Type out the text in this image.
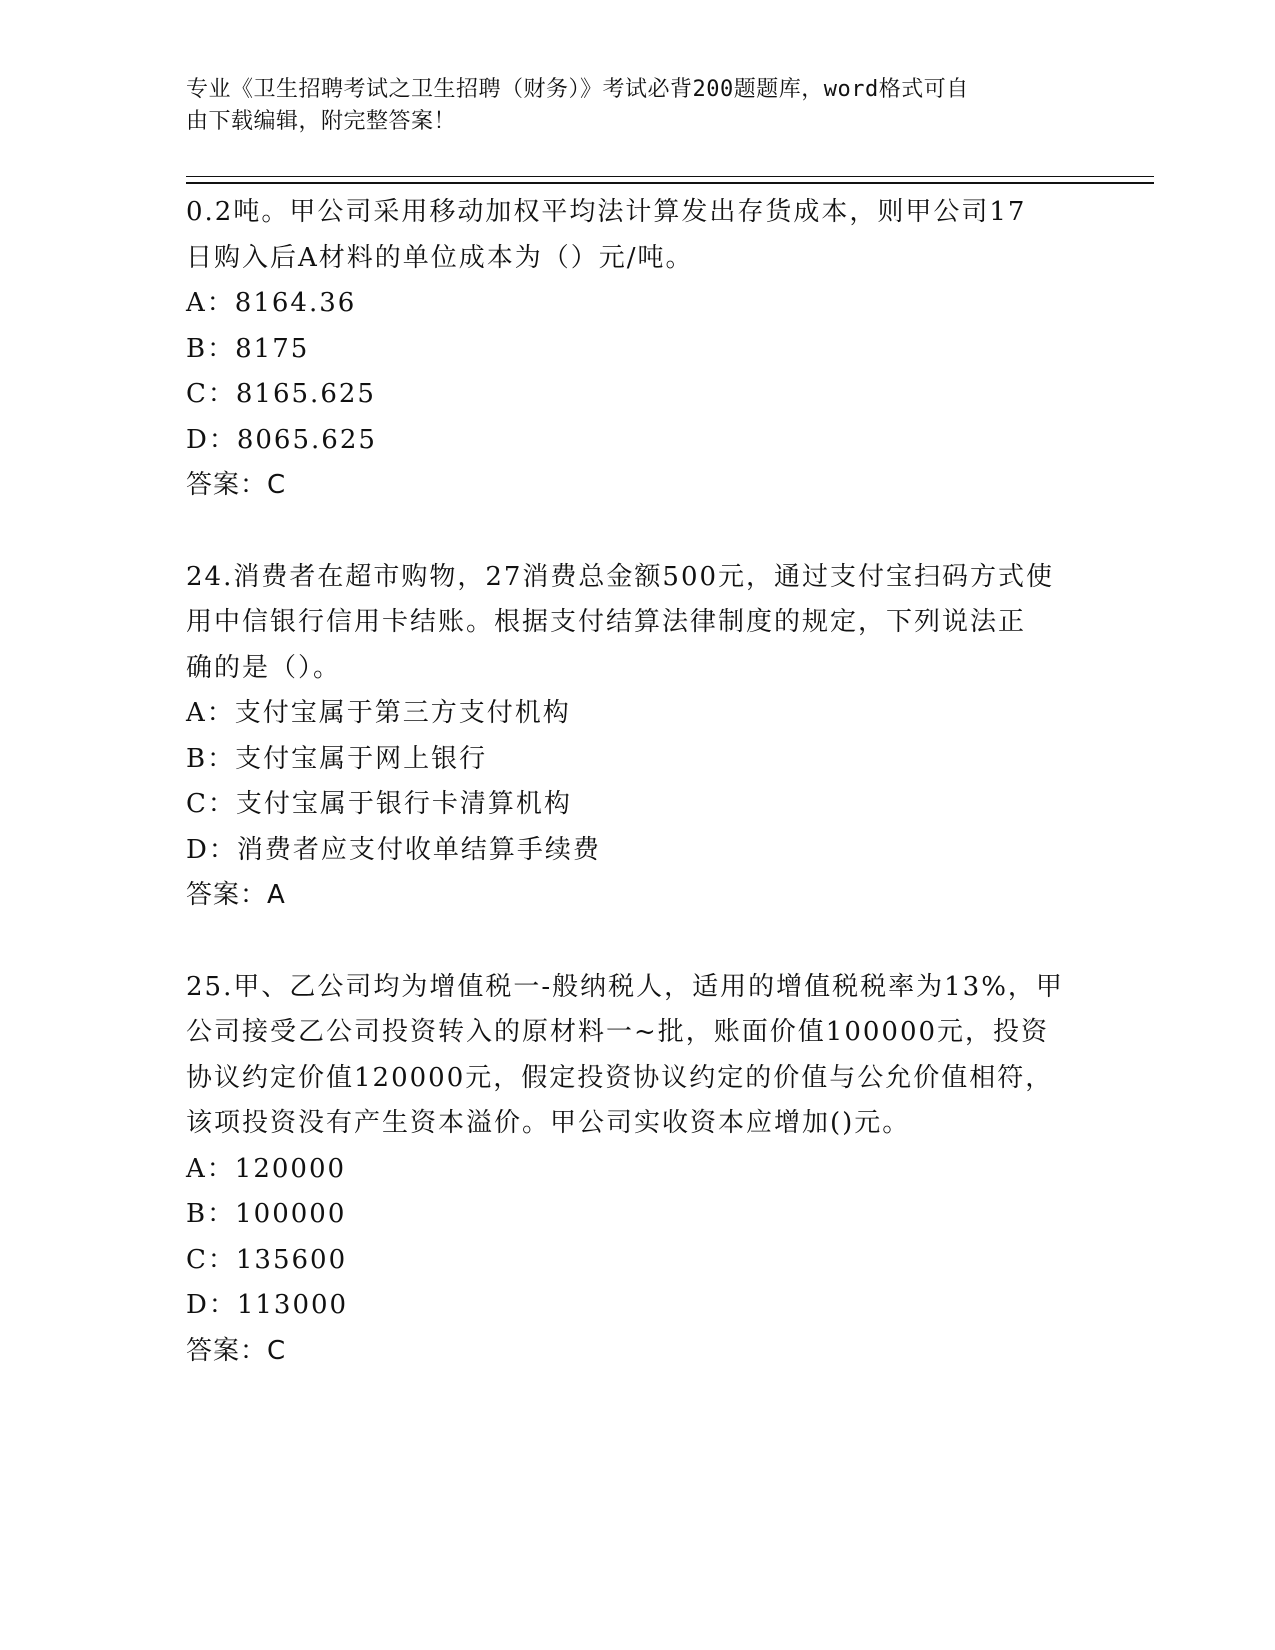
专业《卫生招聘考试之卫生招聘（财务）》考试必背200题题库，word格式可自
由下载编辑，附完整答案！
0.2吨。甲公司采用移动加权平均法计算发出存货成本，则甲公司17
日购入后A材料的单位成本为（）元/吨。
A：8164.36
B：8175
C：8165.625
D：8065.625
答案：C
24.消费者在超市购物，27消费总金额500元，通过支付宝扫码方式使
用中信银行信用卡结账。根据支付结算法律制度的规定，下列说法正
确的是（）。
A：支付宝属于第三方支付机构
B：支付宝属于网上银行
C：支付宝属于银行卡清算机构
D：消费者应支付收单结算手续费
答案：A
25.甲、乙公司均为增值税一-般纳税人，适用的增值税税率为13%，甲
公司接受乙公司投资转入的原材料一~批，账面价值100000元，投资
协议约定价值120000元，假定投资协议约定的价值与公允价值相符，
该项投资没有产生资本溢价。甲公司实收资本应增加()元。
A：120000
B：100000
C：135600
D：113000
答案：C
